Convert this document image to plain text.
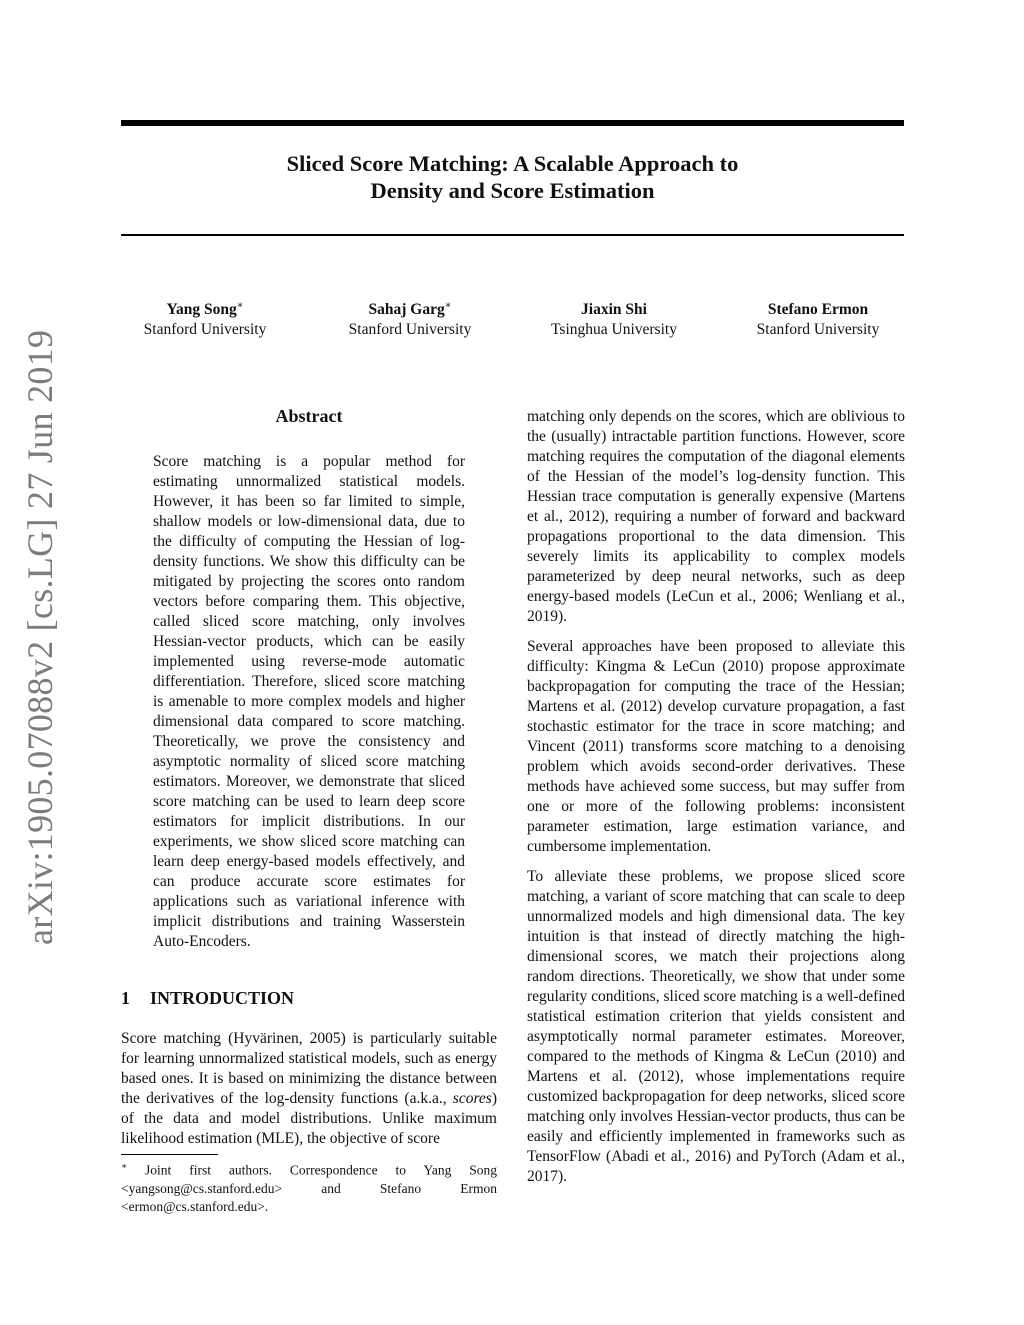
Sliced Score Matching: A Scalable Approach to
Density and Score Estimation
Yang Song∗
Stanford University
Sahaj Garg∗
Stanford University
Jiaxin Shi
Tsinghua University
Stefano Ermon
Stanford University
arXiv:1905.07088v2 [cs.LG] 27 Jun 2019	Abstract
Score matching is a popular method for estimating unnormalized statistical models. However, it has been so far limited to simple, shallow models or low-dimensional data, due to the difficulty of computing the Hessian of log-density functions. We show this difficulty can be mitigated by projecting the scores onto random vectors before comparing them. This objective, called sliced score matching, only involves Hessian-vector products, which can be easily implemented using reverse-mode automatic differentiation. Therefore, sliced score matching is amenable to more complex models and higher dimensional data compared to score matching. Theoretically, we prove the consistency and asymptotic normality of sliced score matching estimators. Moreover, we demonstrate that sliced score matching can be used to learn deep score estimators for implicit distributions. In our experiments, we show sliced score matching can learn deep energy-based models effectively, and can produce accurate score estimates for applications such as variational inference with implicit distributions and training Wasserstein Auto-Encoders.
1 INTRODUCTION
Score matching (Hyvärinen, 2005) is particularly suitable for learning unnormalized statistical models, such as energy based ones. It is based on minimizing the distance between the derivatives of the log-density functions (a.k.a., scores) of the data and model distributions. Unlike maximum likelihood estimation (MLE), the objective of score
∗ Joint first authors. Correspondence to Yang Song <yangsong@cs.stanford.edu> and Stefano Ermon <ermon@cs.stanford.edu>.

matching only depends on the scores, which are oblivious to the (usually) intractable partition functions. However, score matching requires the computation of the diagonal elements of the Hessian of the model’s log-density function. This Hessian trace computation is generally expensive (Martens et al., 2012), requiring a number of forward and backward propagations proportional to the data dimension. This severely limits its applicability to complex models parameterized by deep neural networks, such as deep energy-based models (LeCun et al., 2006; Wenliang et al., 2019).

Several approaches have been proposed to alleviate this difficulty: Kingma & LeCun (2010) propose approximate backpropagation for computing the trace of the Hessian; Martens et al. (2012) develop curvature propagation, a fast stochastic estimator for the trace in score matching; and Vincent (2011) transforms score matching to a denoising problem which avoids second-order derivatives. These methods have achieved some success, but may suffer from one or more of the following problems: inconsistent parameter estimation, large estimation variance, and cumbersome implementation.

To alleviate these problems, we propose sliced score matching, a variant of score matching that can scale to deep unnormalized models and high dimensional data. The key intuition is that instead of directly matching the high-dimensional scores, we match their projections along random directions. Theoretically, we show that under some regularity conditions, sliced score matching is a well-defined statistical estimation criterion that yields consistent and asymptotically normal parameter estimates. Moreover, compared to the methods of Kingma & LeCun (2010) and Martens et al. (2012), whose implementations require customized backpropagation for deep networks, sliced score matching only involves Hessian-vector products, thus can be easily and efficiently implemented in frameworks such as TensorFlow (Abadi et al., 2016) and PyTorch (Adam et al., 2017).
